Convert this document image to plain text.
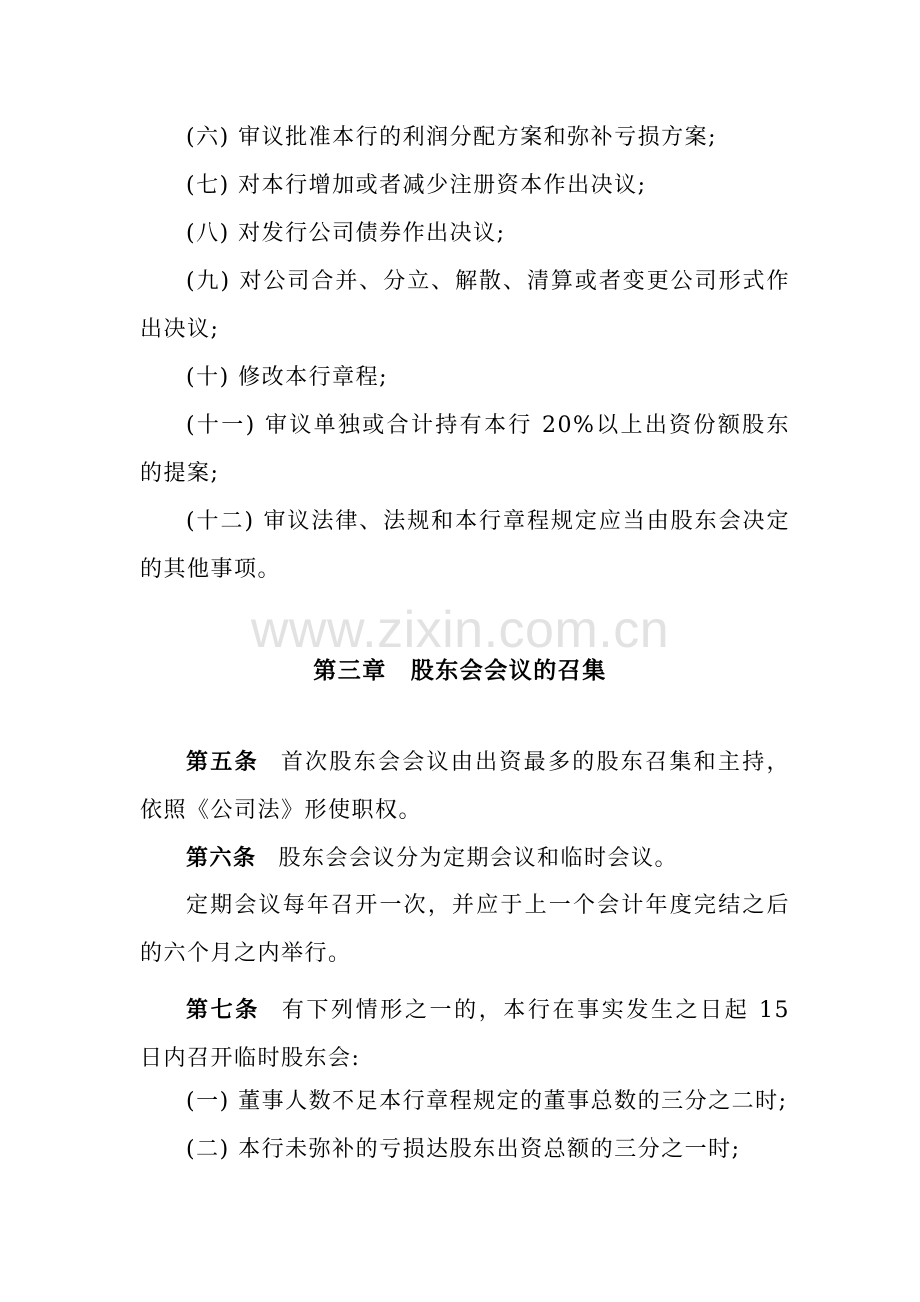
www.zixin.com.cn

(六) 审议批准本行的利润分配方案和弥补亏损方案;

(七) 对本行增加或者减少注册资本作出决议;

(八) 对发行公司债券作出决议;

(九) 对公司合并、分立、解散、清算或者变更公司形式作出决议;

(十) 修改本行章程;

(十一) 审议单独或合计持有本行 20%以上出资份额股东的提案;

(十二) 审议法律、法规和本行章程规定应当由股东会决定的其他事项。

第三章 股东会会议的召集

第五条 首次股东会会议由出资最多的股东召集和主持，依照《公司法》形使职权。

第六条 股东会会议分为定期会议和临时会议。

定期会议每年召开一次，并应于上一个会计年度完结之后的六个月之内举行。

第七条 有下列情形之一的，本行在事实发生之日起 15 日内召开临时股东会:

(一) 董事人数不足本行章程规定的董事总数的三分之二时;

(二) 本行未弥补的亏损达股东出资总额的三分之一时;
